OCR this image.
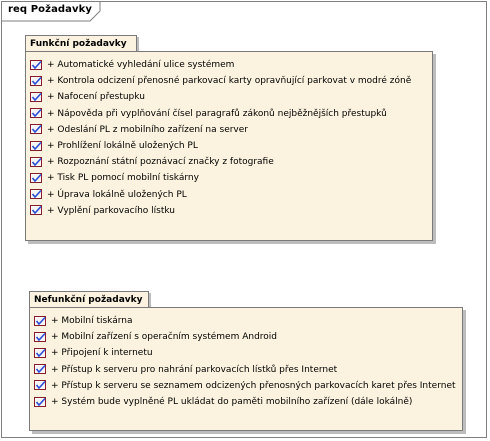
req Požadavky
Funkční požadavky
+ Automatické vyhledání ulice systémem
+ Kontrola odcizení přenosné parkovací karty opravňující parkovat v modré zóně
+ Nafocení přestupku
+ Nápověda při vyplňování čísel paragrafů zákonů nejběžnějších přestupků
+ Odeslání PL z mobilního zařízení na server
+ Prohlížení lokálně uložených PL
+ Rozpoznání státní poznávací značky z fotografie
+ Tisk PL pomocí mobilní tiskárny
+ Úprava lokálně uložených PL
+ Vyplění parkovacího lístku
Nefunkční požadavky
+ Mobilní tiskárna
+ Mobilní zařízení s operačním systémem Android
+ Připojení k internetu
+ Přístup k serveru pro nahrání parkovacích lístků přes Internet
+ Přístup k serveru se seznamem odcizených přenosných parkovacích karet přes Internet
+ Systém bude vyplněné PL ukládat do paměti mobilního zařízení (dále lokálně)
